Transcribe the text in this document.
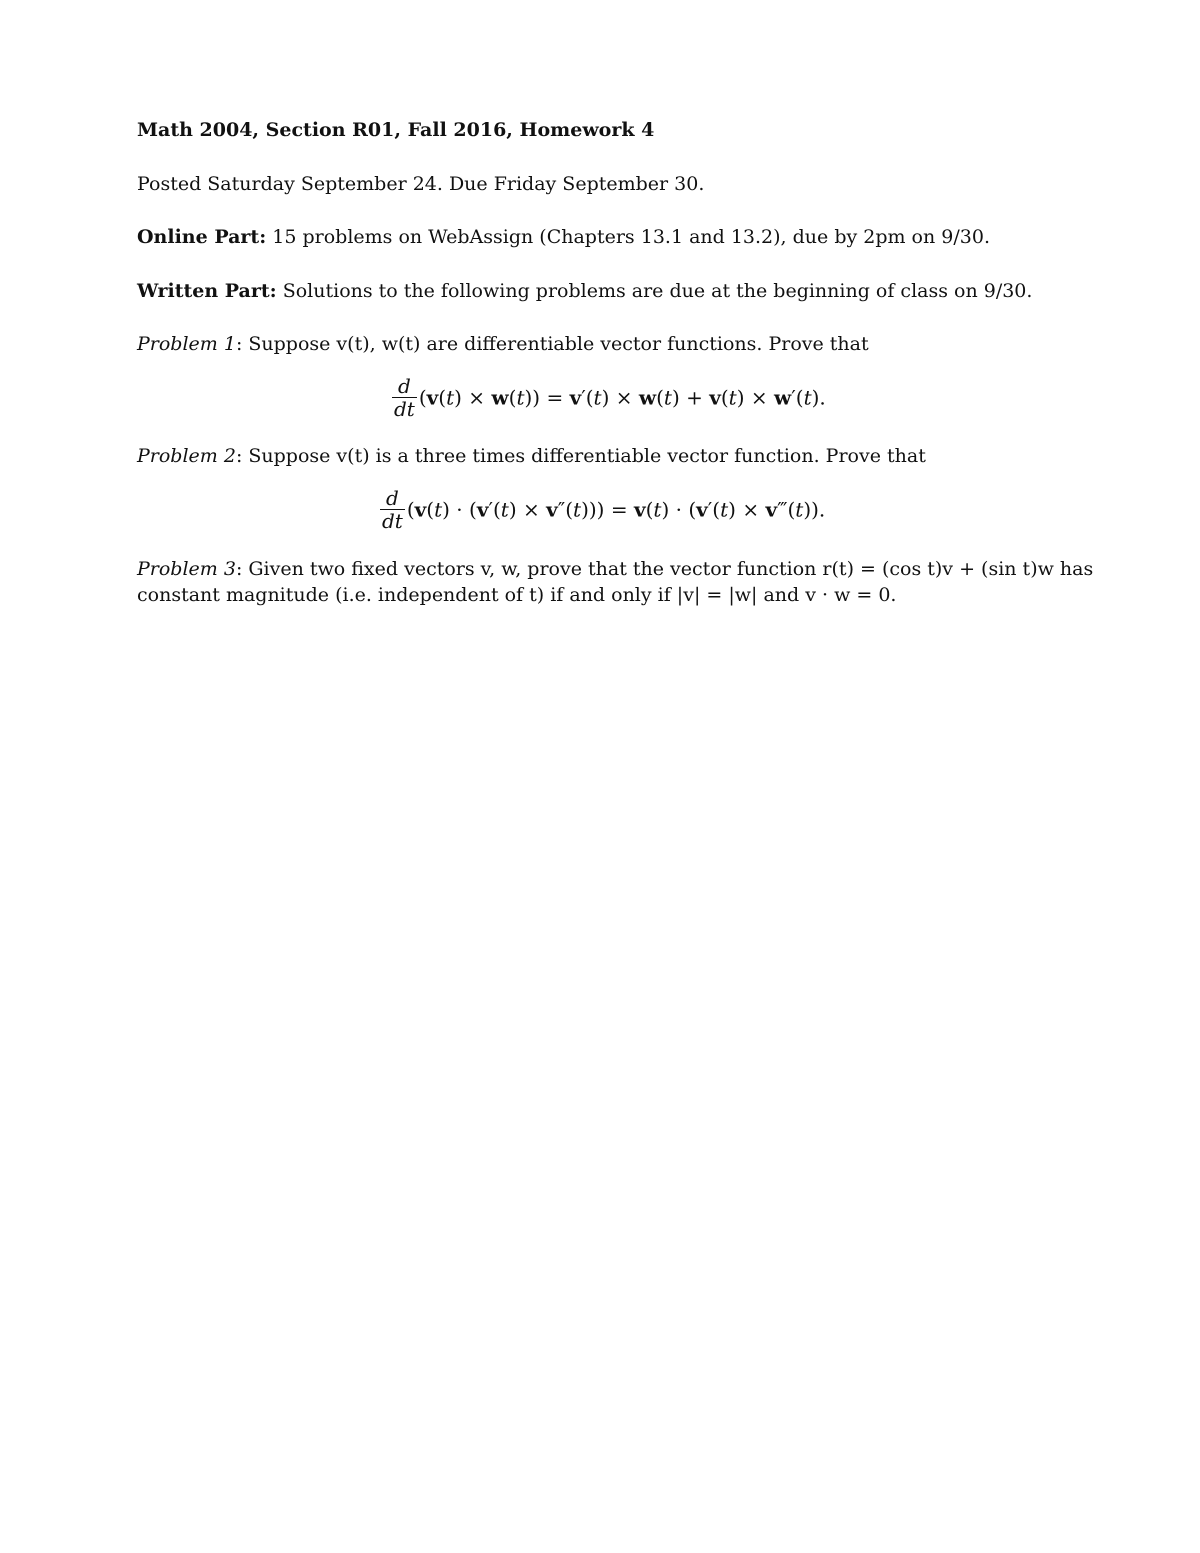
Math 2004, Section R01, Fall 2016, Homework 4
Posted Saturday September 24. Due Friday September 30.
Online Part: 15 problems on WebAssign (Chapters 13.1 and 13.2), due by 2pm on 9/30.
Written Part: Solutions to the following problems are due at the beginning of class on 9/30.
Problem 1: Suppose v(t), w(t) are differentiable vector functions. Prove that
$\frac{d}{dt} (v(t) \times w(t)) = v'(t) \times w(t) + v(t) \times w'(t)$.
Problem 2: Suppose v(t) is a three times differentiable vector function. Prove that
$\frac{d}{dt} (v(t) \cdot (v'(t) \times v''(t))) = v(t) \cdot (v'(t)$ × v‴(t)).
Problem 3: Given two fixed vectors v, w, prove that the vector function r(t) = (cos t)v + (sin t)w has
constant magnitude (i.e. independent of t) if and only if |v| = |w| and v · w = 0.
